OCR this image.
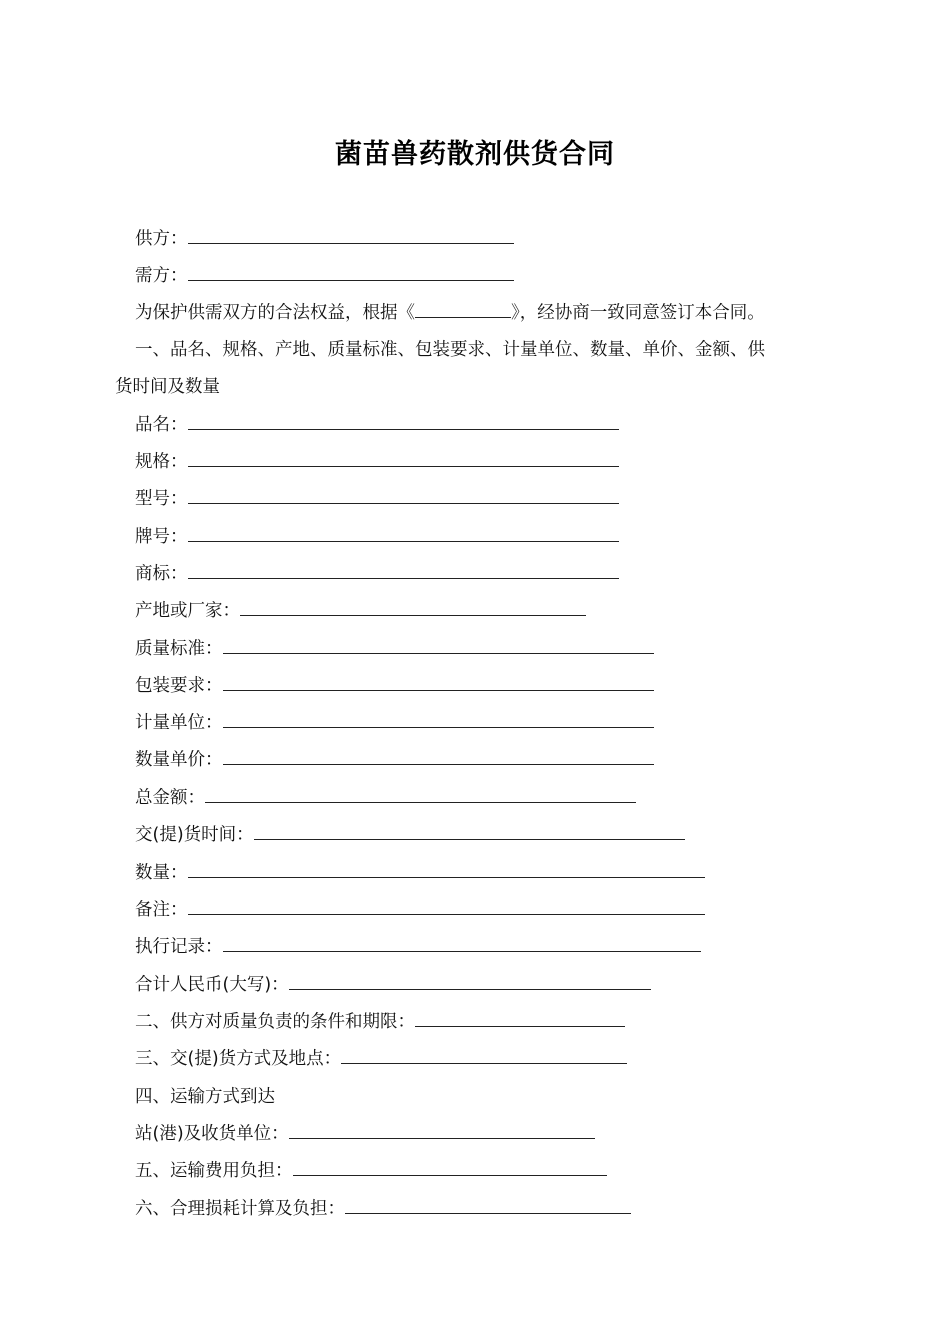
菌苗兽药散剂供货合同
供方：
需方：
为保护供需双方的合法权益，根据《	》，经协商一致同意签订本合同。
一、品名、规格、产地、质量标准、包装要求、计量单位、数量、单价、金额、供
货时间及数量
品名：
规格：
型号：
牌号：
商标：
产地或厂家：
质量标准：
包装要求：
计量单位：
数量单价：
总金额：
交(提)货时间：
数量：
备注：
执行记录：
合计人民币(大写)：
二、供方对质量负责的条件和期限：
三、交(提)货方式及地点：
四、运输方式到达
站(港)及收货单位：
五、运输费用负担：
六、合理损耗计算及负担：
